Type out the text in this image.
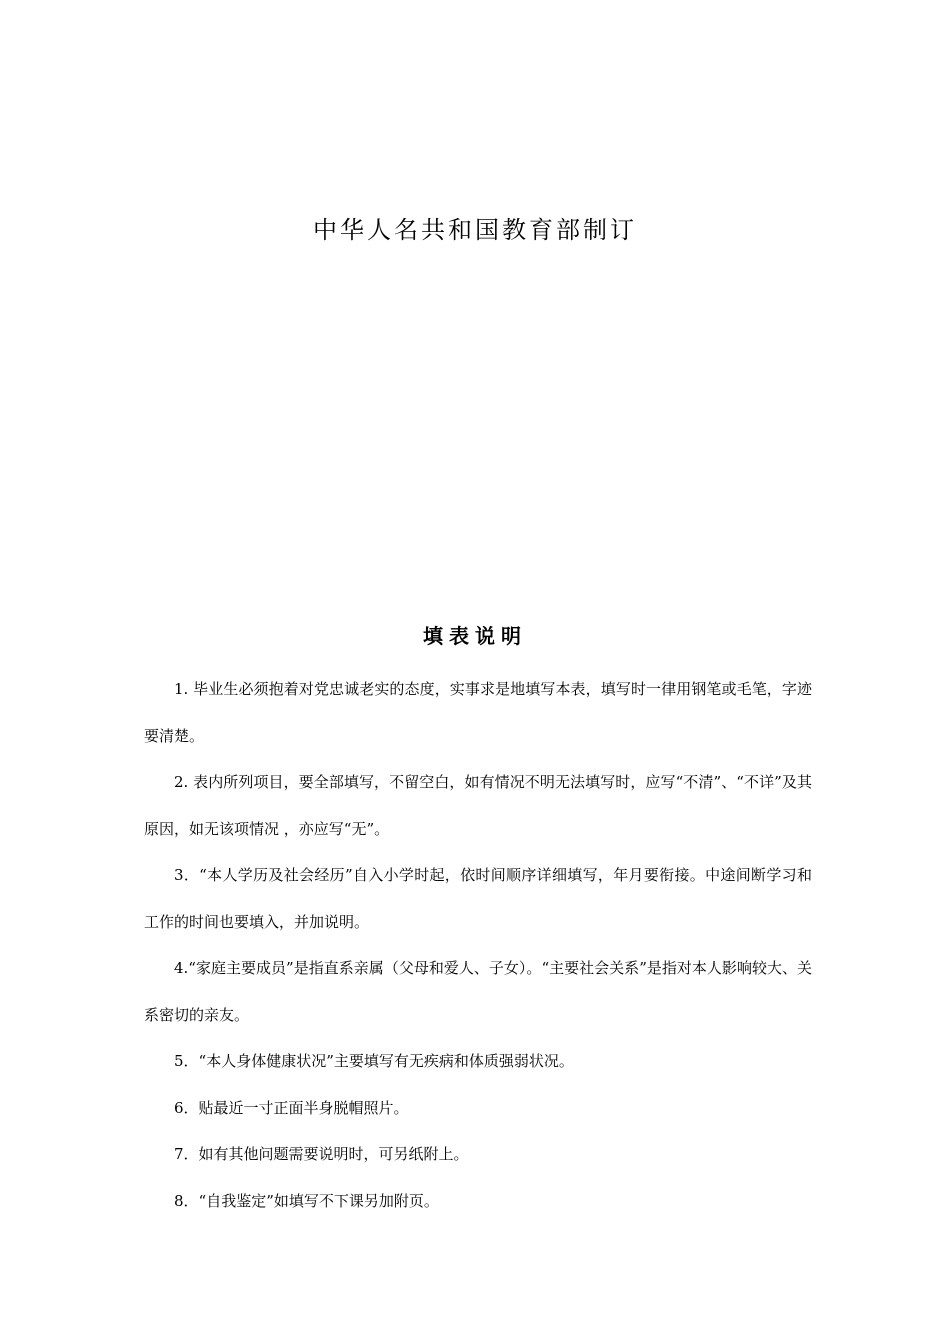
中华人名共和国教育部制订
填表说明

1. 毕业生必须抱着对党忠诚老实的态度，实事求是地填写本表，填写时一律用钢笔或毛笔，字迹要清楚。

2. 表内所列项目，要全部填写，不留空白，如有情况不明无法填写时，应写“不清”、“不详”及其原因，如无该项情况 ，亦应写“无”。

3．“本人学历及社会经历”自入小学时起，依时间顺序详细填写，年月要衔接。中途间断学习和工作的时间也要填入，并加说明。

4.“家庭主要成员”是指直系亲属（父母和爱人、子女）。“主要社会关系”是指对本人影响较大、关系密切的亲友。

5．“本人身体健康状况”主要填写有无疾病和体质强弱状况。

6．贴最近一寸正面半身脱帽照片。

7．如有其他问题需要说明时，可另纸附上。

8．“自我鉴定”如填写不下课另加附页。
